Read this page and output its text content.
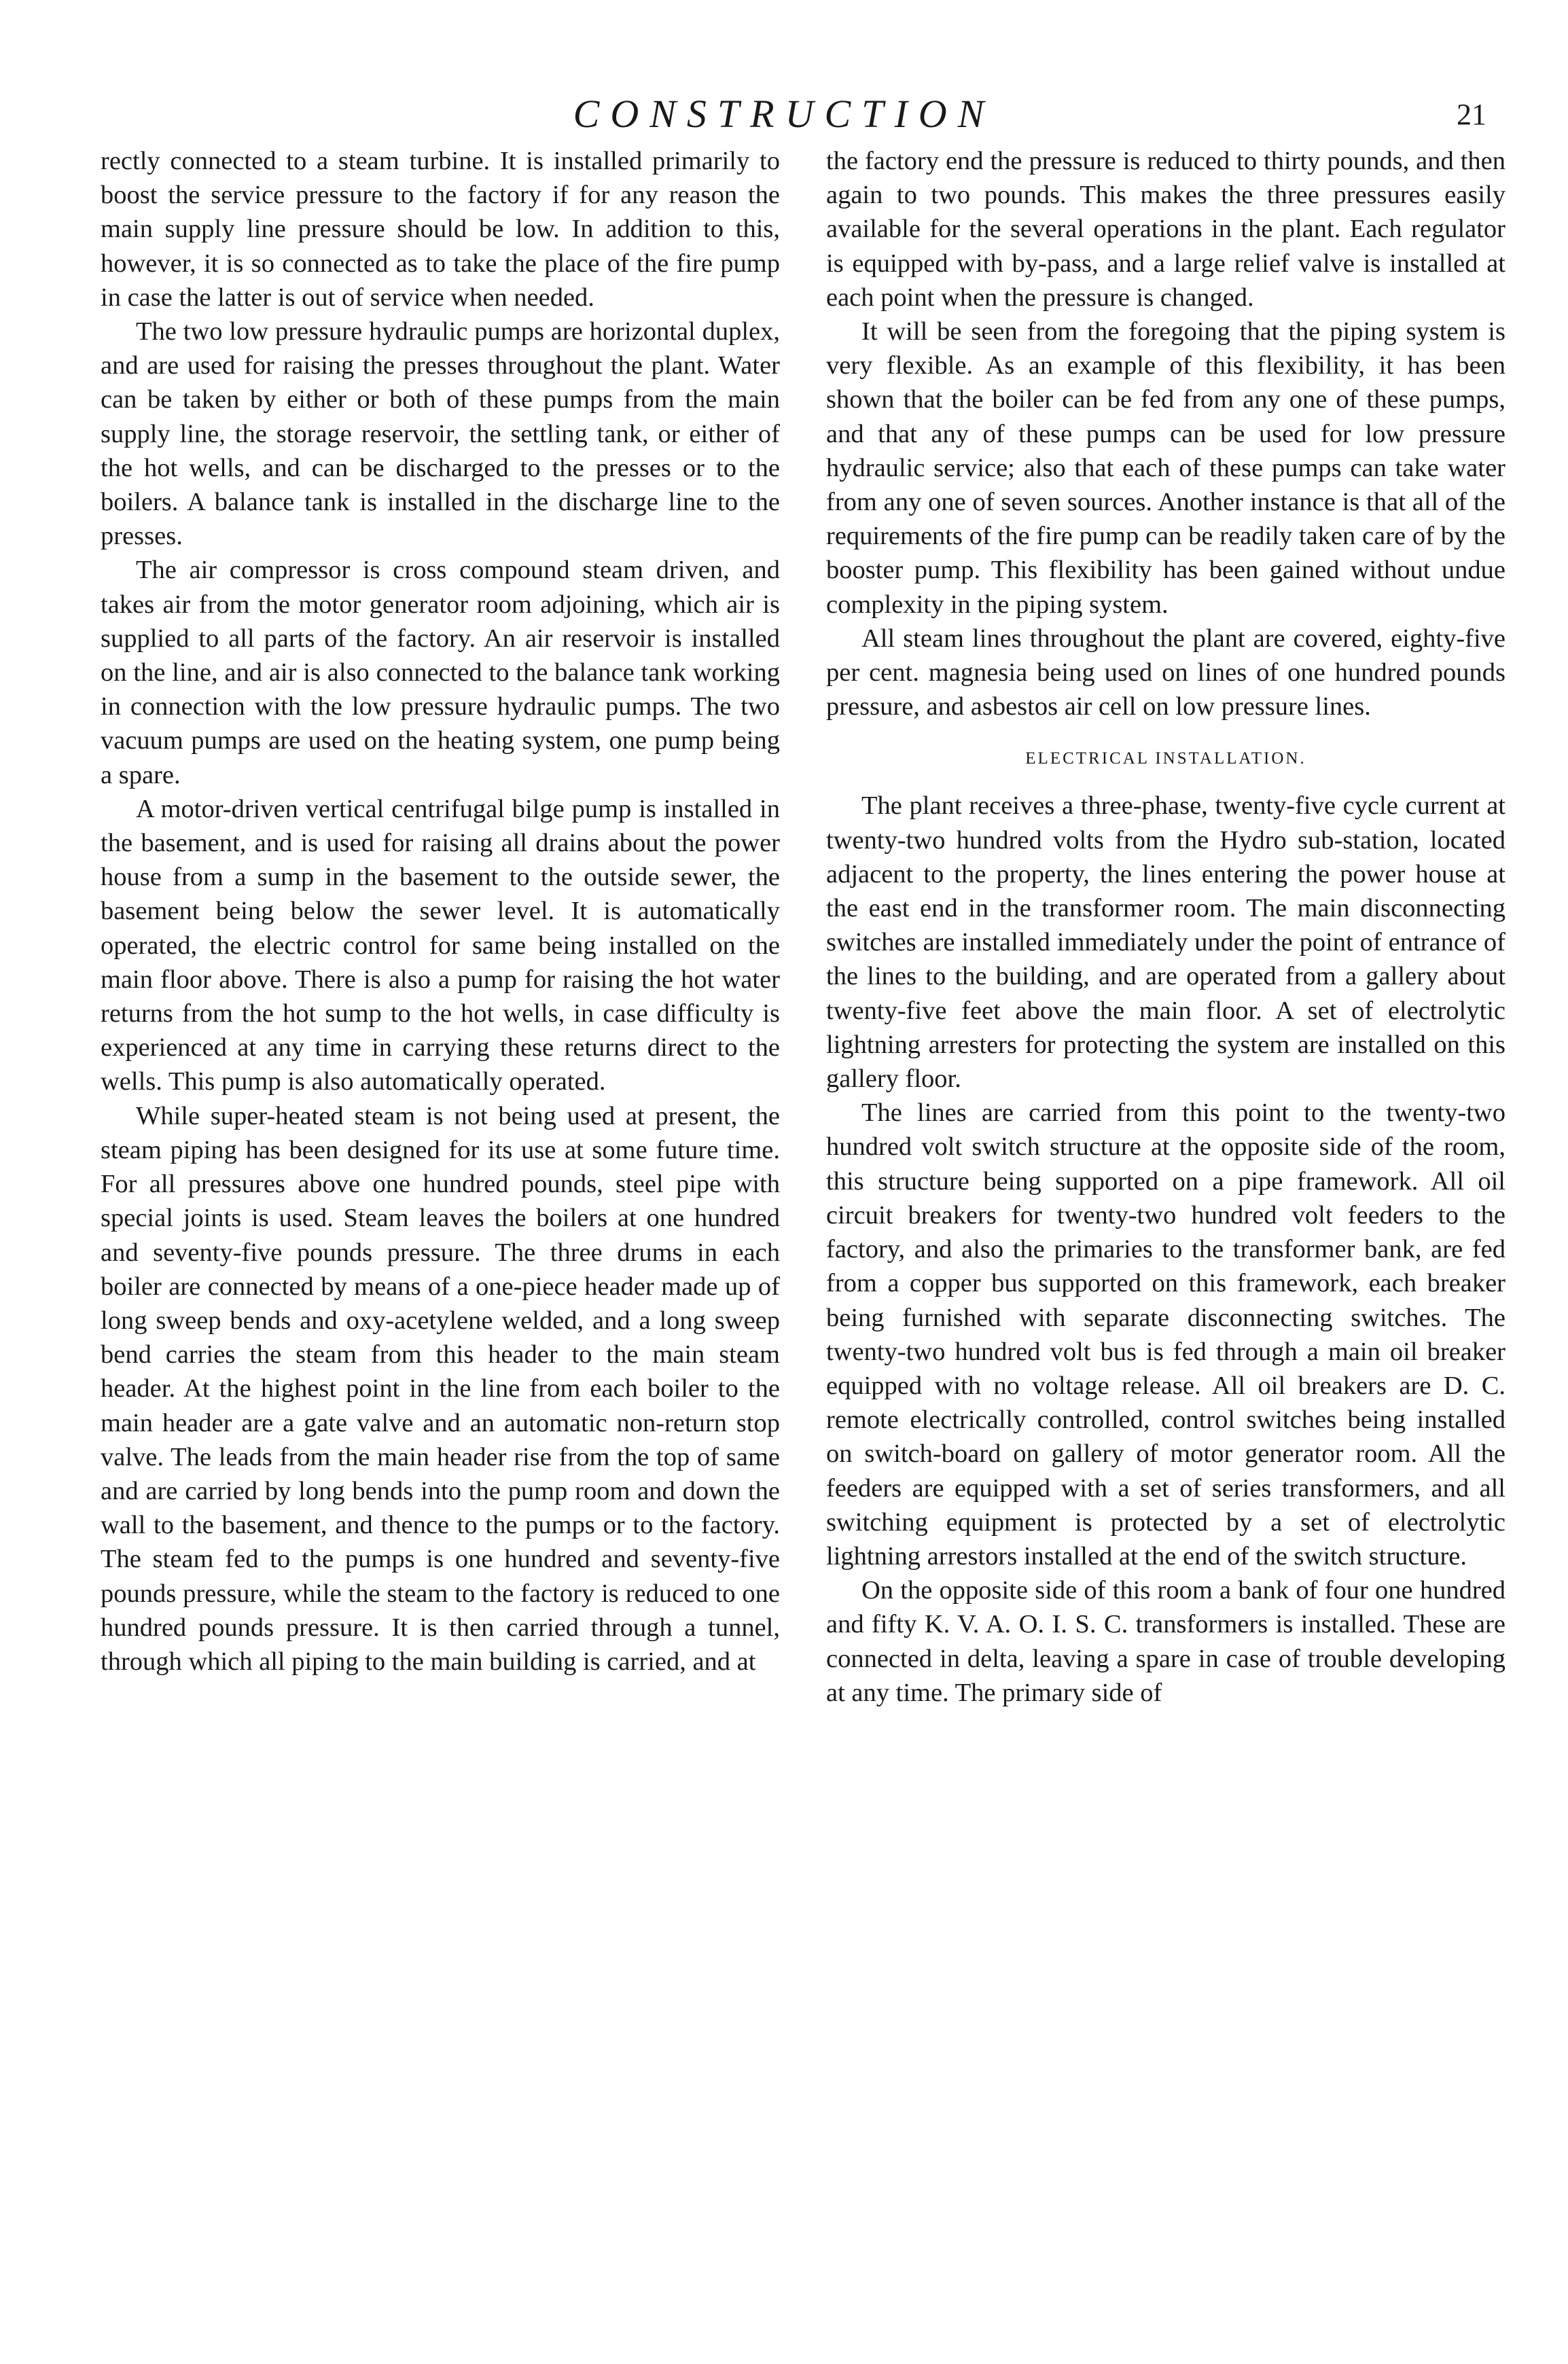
CONSTRUCTION	21

rectly connected to a steam turbine. It is installed primarily to boost the service pressure to the factory if for any reason the main supply line pressure should be low. In addition to this, however, it is so connected as to take the place of the fire pump in case the latter is out of service when needed.

The two low pressure hydraulic pumps are horizontal duplex, and are used for raising the presses throughout the plant. Water can be taken by either or both of these pumps from the main supply line, the storage reservoir, the settling tank, or either of the hot wells, and can be discharged to the presses or to the boilers. A balance tank is installed in the discharge line to the presses.

The air compressor is cross compound steam driven, and takes air from the motor generator room adjoining, which air is supplied to all parts of the factory. An air reservoir is installed on the line, and air is also connected to the balance tank working in connection with the low pressure hydraulic pumps. The two vacuum pumps are used on the heating system, one pump being a spare.

A motor-driven vertical centrifugal bilge pump is installed in the basement, and is used for raising all drains about the power house from a sump in the basement to the outside sewer, the basement being below the sewer level. It is automatically operated, the electric control for same being installed on the main floor above. There is also a pump for raising the hot water returns from the hot sump to the hot wells, in case difficulty is experienced at any time in carrying these returns direct to the wells. This pump is also automatically operated.

While super-heated steam is not being used at present, the steam piping has been designed for its use at some future time. For all pressures above one hundred pounds, steel pipe with special joints is used. Steam leaves the boilers at one hundred and seventy-five pounds pressure. The three drums in each boiler are connected by means of a one-piece header made up of long sweep bends and oxy-acetylene welded, and a long sweep bend carries the steam from this header to the main steam header. At the highest point in the line from each boiler to the main header are a gate valve and an automatic non-return stop valve. The leads from the main header rise from the top of same and are carried by long bends into the pump room and down the wall to the basement, and thence to the pumps or to the factory. The steam fed to the pumps is one hundred and seventy-five pounds pressure, while the steam to the factory is reduced to one hundred pounds pressure. It is then carried through a tunnel, through which all piping to the main building is carried, and at

the factory end the pressure is reduced to thirty pounds, and then again to two pounds. This makes the three pressures easily available for the several operations in the plant. Each regulator is equipped with by-pass, and a large relief valve is installed at each point when the pressure is changed.

It will be seen from the foregoing that the piping system is very flexible. As an example of this flexibility, it has been shown that the boiler can be fed from any one of these pumps, and that any of these pumps can be used for low pressure hydraulic service; also that each of these pumps can take water from any one of seven sources. Another instance is that all of the requirements of the fire pump can be readily taken care of by the booster pump. This flexibility has been gained without undue complexity in the piping system.

All steam lines throughout the plant are covered, eighty-five per cent. magnesia being used on lines of one hundred pounds pressure, and asbestos air cell on low pressure lines.

ELECTRICAL INSTALLATION.

The plant receives a three-phase, twenty-five cycle current at twenty-two hundred volts from the Hydro sub-station, located adjacent to the property, the lines entering the power house at the east end in the transformer room. The main disconnecting switches are installed immediately under the point of entrance of the lines to the building, and are operated from a gallery about twenty-five feet above the main floor. A set of electrolytic lightning arresters for protecting the system are installed on this gallery floor.

The lines are carried from this point to the twenty-two hundred volt switch structure at the opposite side of the room, this structure being supported on a pipe framework. All oil circuit breakers for twenty-two hundred volt feeders to the factory, and also the primaries to the transformer bank, are fed from a copper bus supported on this framework, each breaker being furnished with separate disconnecting switches. The twenty-two hundred volt bus is fed through a main oil breaker equipped with no voltage release. All oil breakers are D. C. remote electrically controlled, control switches being installed on switch-board on gallery of motor generator room. All the feeders are equipped with a set of series transformers, and all switching equipment is protected by a set of electrolytic lightning arrestors installed at the end of the switch structure.

On the opposite side of this room a bank of four one hundred and fifty K. V. A. O. I. S. C. transformers is installed. These are connected in delta, leaving a spare in case of trouble developing at any time. The primary side of
